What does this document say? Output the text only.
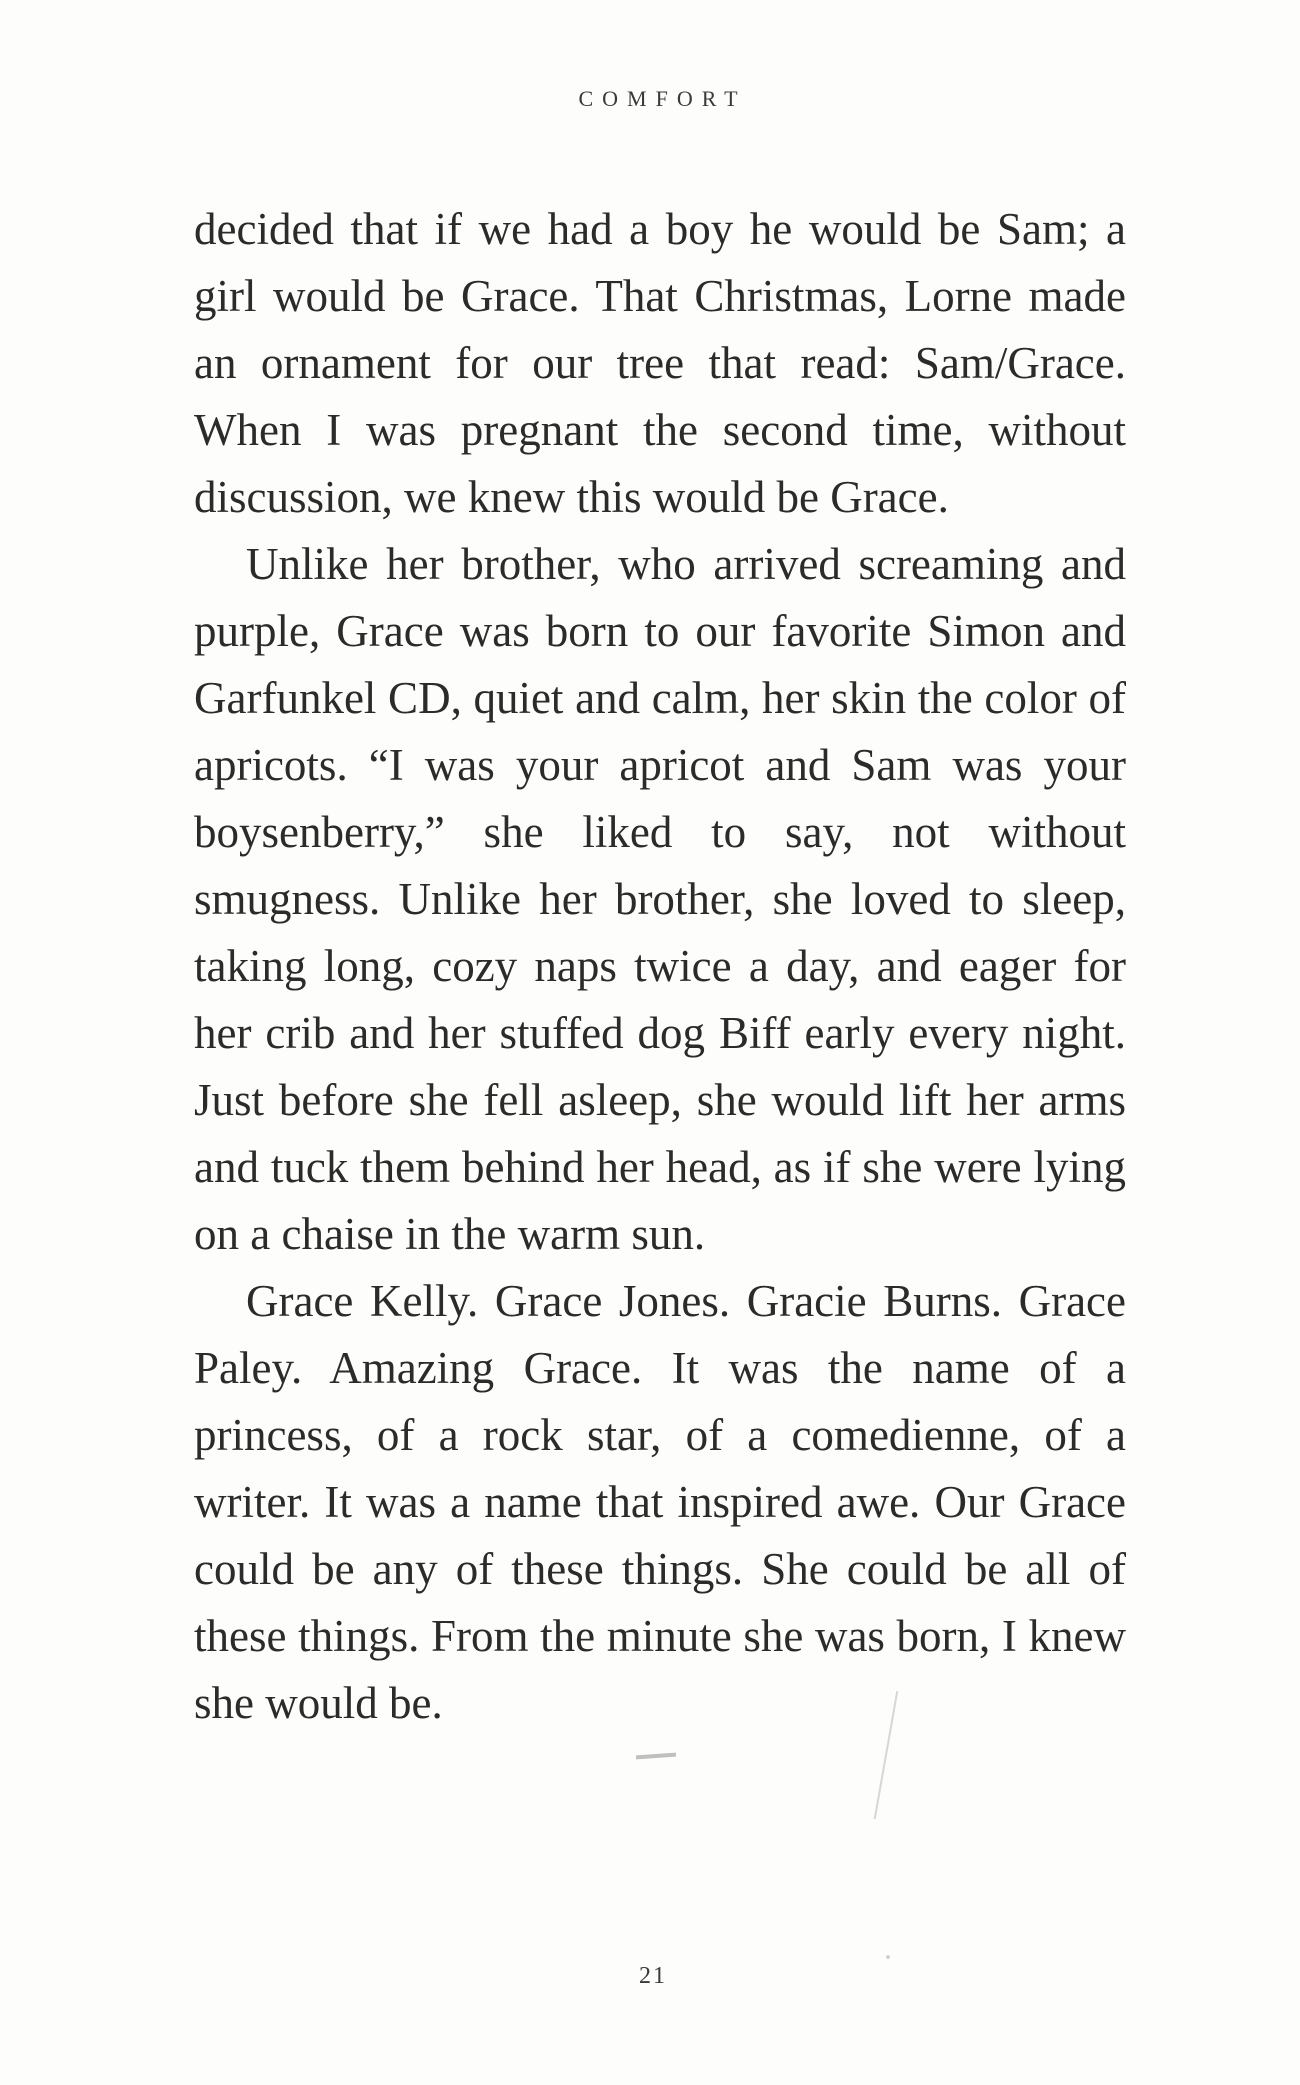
COMFORT

decided that if we had a boy he would be Sam; a girl would be Grace. That Christmas, Lorne made an ornament for our tree that read: Sam/Grace. When I was pregnant the second time, without discussion, we knew this would be Grace.

Unlike her brother, who arrived screaming and purple, Grace was born to our favorite Simon and Garfunkel CD, quiet and calm, her skin the color of apricots. “I was your apricot and Sam was your boysenberry,” she liked to say, not without smugness. Unlike her brother, she loved to sleep, taking long, cozy naps twice a day, and eager for her crib and her stuffed dog Biff early every night. Just before she fell asleep, she would lift her arms and tuck them behind her head, as if she were lying on a chaise in the warm sun.

Grace Kelly. Grace Jones. Gracie Burns. Grace Paley. Amazing Grace. It was the name of a princess, of a rock star, of a comedienne, of a writer. It was a name that inspired awe. Our Grace could be any of these things. She could be all of these things. From the minute she was born, I knew she would be.

21
